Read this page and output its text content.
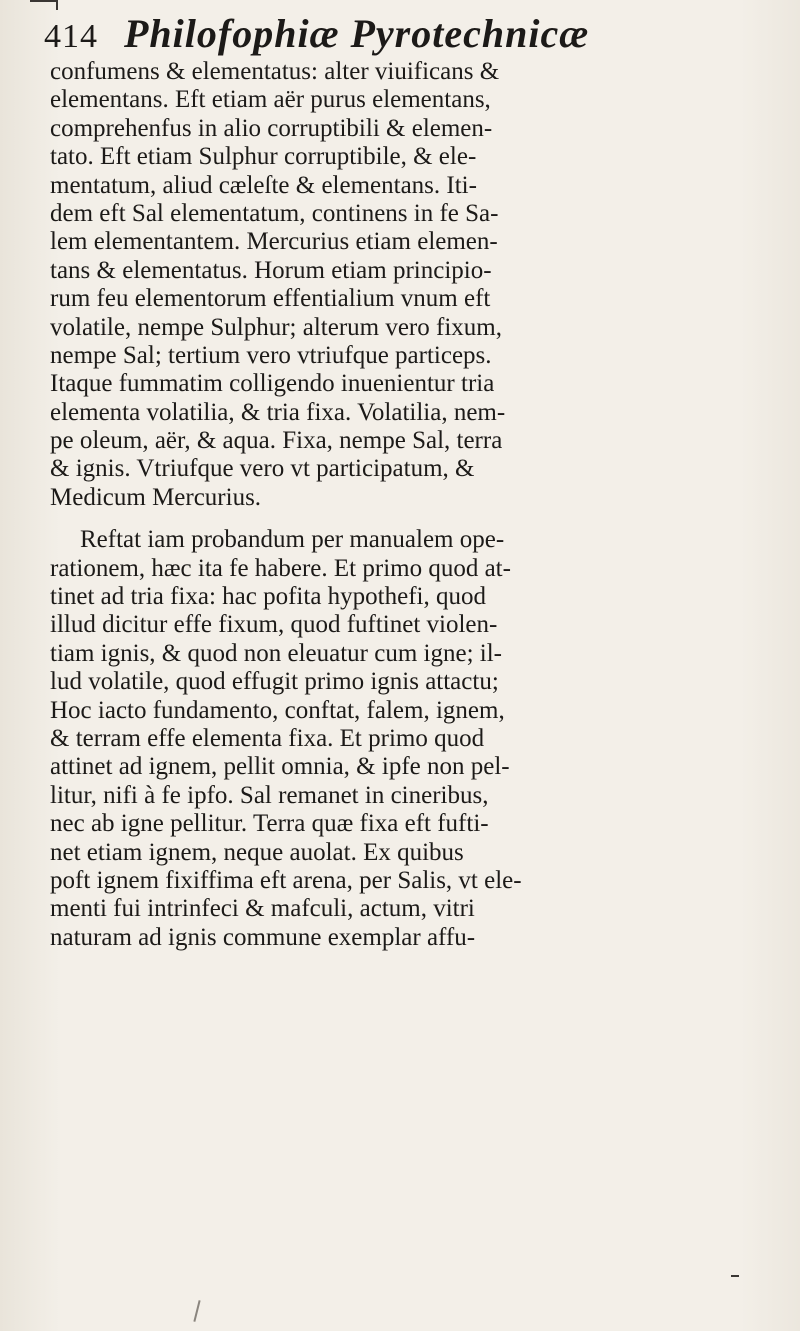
414 Philofophiæ Pyrotechnicæ
confumens & elementatus: alter viuificans &
elementans. Eft etiam aër purus elementans,
comprehenfus in alio corruptibili & elemen-
tato. Eft etiam Sulphur corruptibile, & ele-
mentatum, aliud cæleſte & elementans. Iti-
dem eft Sal elementatum, continens in fe Sa-
lem elementantem. Mercurius etiam elemen-
tans & elementatus. Horum etiam principio-
rum feu elementorum effentialium vnum eft
volatile, nempe Sulphur; alterum vero fixum,
nempe Sal; tertium vero vtriufque particeps.
Itaque fummatim colligendo inuenientur tria
elementa volatilia, & tria fixa. Volatilia, nem-
pe oleum, aër, & aqua. Fixa, nempe Sal, terra
& ignis. Vtriufque vero vt participatum, &
Medicum Mercurius.
Reftat iam probandum per manualem ope-
rationem, hæc ita fe habere. Et primo quod at-
tinet ad tria fixa: hac pofita hypothefi, quod
illud dicitur effe fixum, quod fuftinet violen-
tiam ignis, & quod non eleuatur cum igne; il-
lud volatile, quod effugit primo ignis attactu;
Hoc iacto fundamento, conftat, falem, ignem,
& terram effe elementa fixa. Et primo quod
attinet ad ignem, pellit omnia, & ipfe non pel-
litur, nifi à fe ipfo. Sal remanet in cineribus,
nec ab igne pellitur. Terra quæ fixa eft fufti-
net etiam ignem, neque auolat. Ex quibus
poft ignem fixiffima eft arena, per Salis, vt ele-
menti fui intrinfeci & mafculi, actum, vitri
naturam ad ignis commune exemplar affu-
